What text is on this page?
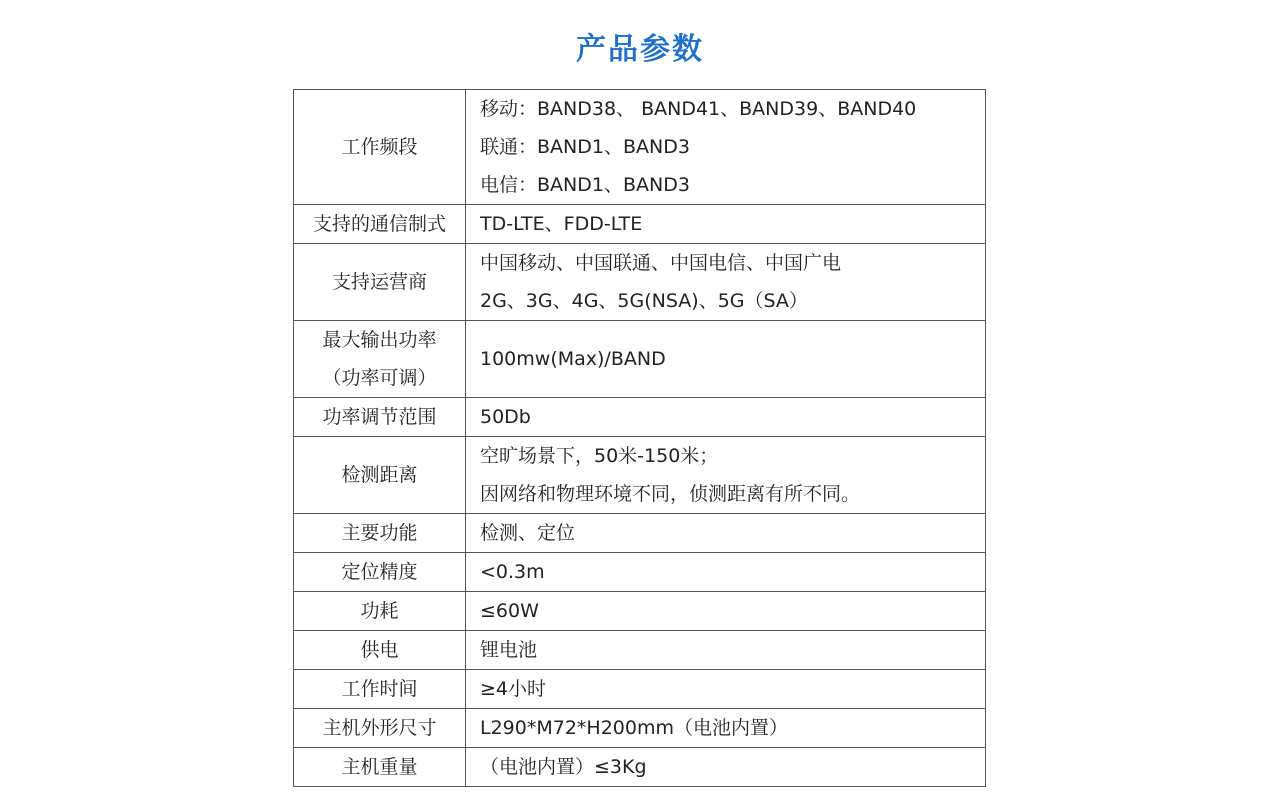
产品参数
工作频段	移动：BAND38、 BAND41、BAND39、BAND40
联通：BAND1、BAND3
电信：BAND1、BAND3

支持的通信制式	TD-LTE、FDD-LTE

支持运营商	中国移动、中国联通、中国电信、中国广电
2G、3G、4G、5G(NSA)、5G（SA）

最大输出功率
（功率可调）	100mw(Max)/BAND

功率调节范围	50Db

检测距离	空旷场景下，50米-150米；
因网络和物理环境不同，侦测距离有所不同。

主要功能	检测、定位

定位精度	<0.3m

功耗	≤60W

供电	锂电池

工作时间	≥4小时

主机外形尺寸	L290*M72*H200mm（电池内置）

主机重量	（电池内置）≤3Kg
